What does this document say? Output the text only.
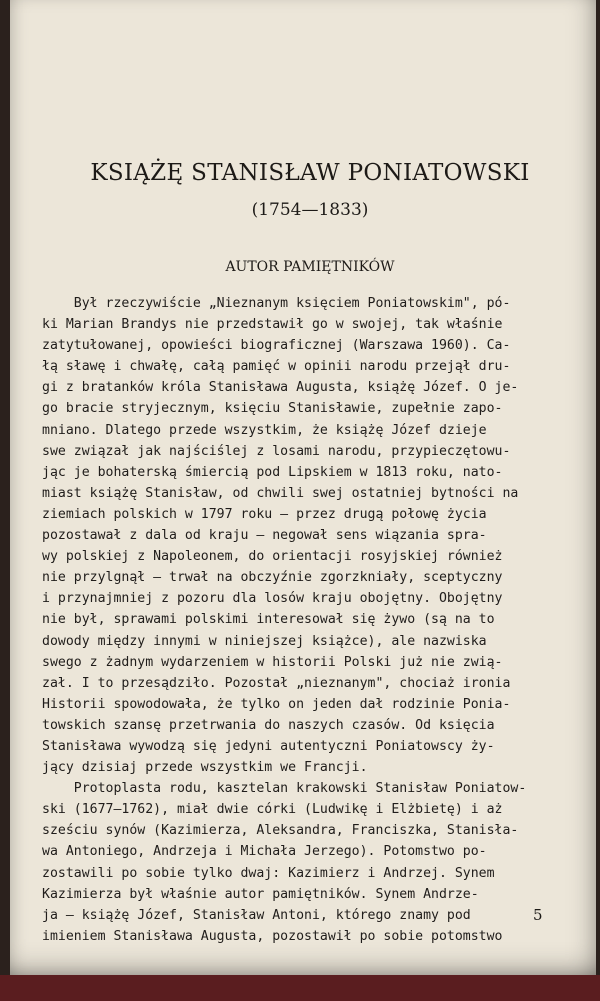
KSIĄŻĘ STANISŁAW PONIATOWSKI
(1754—1833)
AUTOR PAMIĘTNIKÓW
Był rzeczywiście „Nieznanym księciem Poniatowskim", pó-
ki Marian Brandys nie przedstawił go w swojej, tak właśnie
zatytułowanej, opowieści biograficznej (Warszawa 1960). Ca-
łą sławę i chwałę, całą pamięć w opinii narodu przejął dru-
gi z bratanków króla Stanisława Augusta, książę Józef. O je-
go bracie stryjecznym, księciu Stanisławie, zupełnie zapo-
mniano. Dlatego przede wszystkim, że książę Józef dzieje
swe związał jak najściślej z losami narodu, przypieczętowu-
jąc je bohaterską śmiercią pod Lipskiem w 1813 roku, nato-
miast książę Stanisław, od chwili swej ostatniej bytności na
ziemiach polskich w 1797 roku — przez drugą połowę życia
pozostawał z dala od kraju — negował sens wiązania spra-
wy polskiej z Napoleonem, do orientacji rosyjskiej również
nie przylgnął — trwał na obczyźnie zgorzkniały, sceptyczny
i przynajmniej z pozoru dla losów kraju obojętny. Obojętny
nie był, sprawami polskimi interesował się żywo (są na to
dowody między innymi w niniejszej książce), ale nazwiska
swego z żadnym wydarzeniem w historii Polski już nie zwią-
zał. I to przesądziło. Pozostał „nieznanym", chociaż ironia
Historii spowodowała, że tylko on jeden dał rodzinie Ponia-
towskich szansę przetrwania do naszych czasów. Od księcia
Stanisława wywodzą się jedyni autentyczni Poniatowscy ży-
jący dzisiaj przede wszystkim we Francji.
Protoplasta rodu, kasztelan krakowski Stanisław Poniatow-
ski (1677—1762), miał dwie córki (Ludwikę i Elżbietę) i aż
sześciu synów (Kazimierza, Aleksandra, Franciszka, Stanisła-
wa Antoniego, Andrzeja i Michała Jerzego). Potomstwo po-
zostawili po sobie tylko dwaj: Kazimierz i Andrzej. Synem
Kazimierza był właśnie autor pamiętników. Synem Andrze-
ja — książę Józef, Stanisław Antoni, którego znamy pod
imieniem Stanisława Augusta, pozostawił po sobie potomstwo

5
